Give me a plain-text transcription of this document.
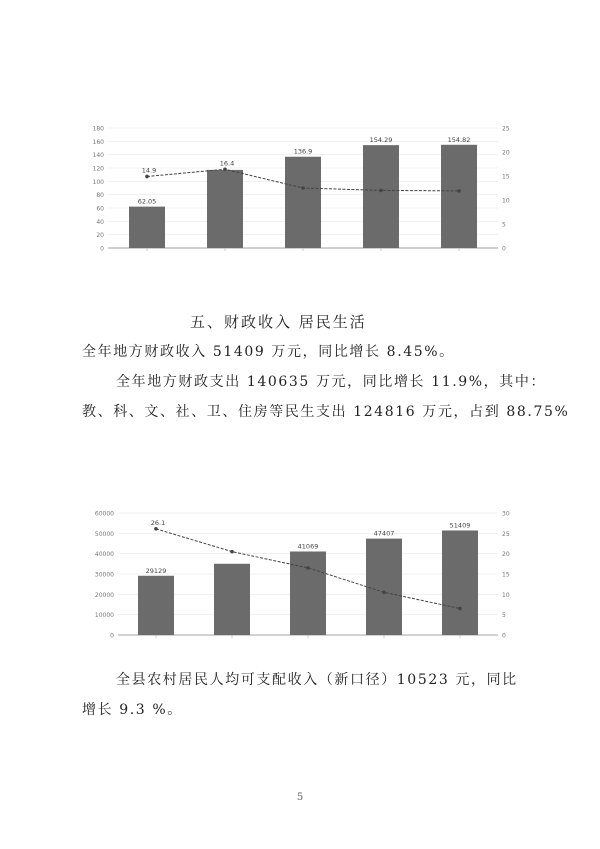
0
20
40
60
80
100
120
140
160
180
0
5
10
15
20
25
62.05
136.9
154.29	154.82
14.9
16.4
五、财政收入 居民生活
全年地方财政收入 51409 万元，同比增长 8.45%。
全年地方财政支出 140635 万元，同比增长 11.9%，其中：
教、科、文、社、卫、住房等民生支出 124816 万元，占到 88.75%
0
10000
20000
30000
40000
50000
60000
0
5
10
15
20
25
30
29129
41069
47407
51409
26.1
全县农村居民人均可支配收入（新口径）10523 元，同比
增长 9.3 %。
5
